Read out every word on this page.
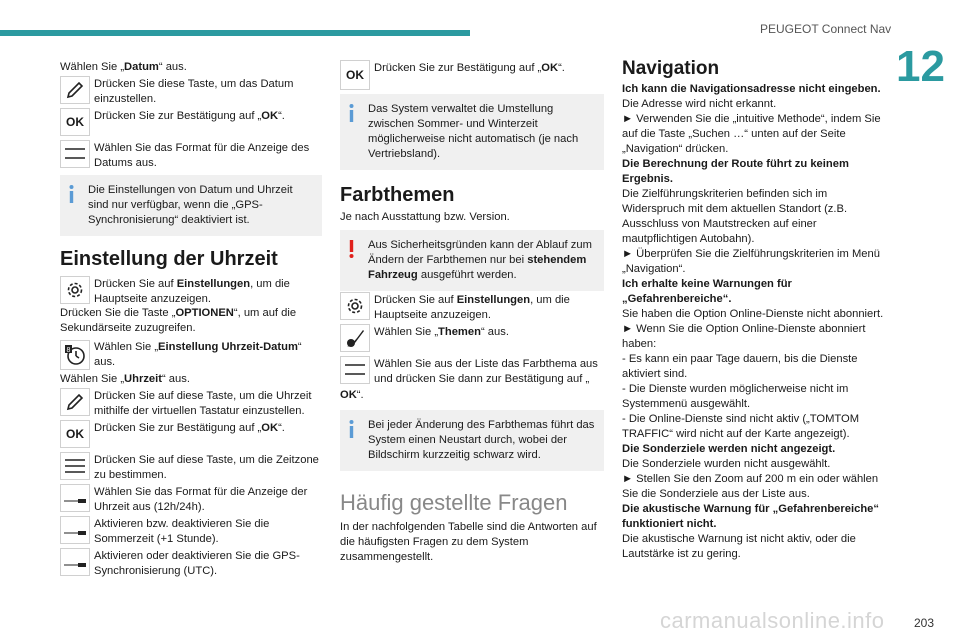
PEUGEOT Connect Nav
12

Wählen Sie „Datum“ aus.

Drücken Sie diese Taste, um das Datum einzustellen.
OK Drücken Sie zur Bestätigung auf „OK“.
Wählen Sie das Format für die Anzeige des Datums aus.
Die Einstellungen von Datum und Uhrzeit sind nur verfügbar, wenn die „GPS-Synchronisierung“ deaktiviert ist.
Einstellung der Uhrzeit
Drücken Sie auf Einstellungen, um die Hauptseite anzuzeigen.

Drücken Sie die Taste „OPTIONEN“, um auf die Sekundärseite zuzugreifen.

8 Wählen Sie „Einstellung Uhrzeit-Datum“ aus.

Wählen Sie „Uhrzeit“ aus.

Drücken Sie auf diese Taste, um die Uhrzeit mithilfe der virtuellen Tastatur einzustellen.
OK Drücken Sie zur Bestätigung auf „OK“.
Drücken Sie auf diese Taste, um die Zeitzone zu bestimmen.
Wählen Sie das Format für die Anzeige der Uhrzeit aus (12h/24h).
Aktivieren bzw. deaktivieren Sie die Sommerzeit (+1 Stunde).
Aktivieren oder deaktivieren Sie die GPS-Synchronisierung (UTC).
OK Drücken Sie zur Bestätigung auf „OK“.
Das System verwaltet die Umstellung zwischen Sommer- und Winterzeit möglicherweise nicht automatisch (je nach Vertriebsland).
Farbthemen

Je nach Ausstattung bzw. Version.

Aus Sicherheitsgründen kann der Ablauf zum Ändern der Farbthemen nur bei stehendem Fahrzeug ausgeführt werden.
Drücken Sie auf Einstellungen, um die Hauptseite anzuzeigen.
Wählen Sie „Themen“ aus.
Wählen Sie aus der Liste das Farbthema aus und drücken Sie dann zur Bestätigung auf „

OK“.

Bei jeder Änderung des Farbthemas führt das System einen Neustart durch, wobei der Bildschirm kurzzeitig schwarz wird.
Häufig gestellte Fragen

In der nachfolgenden Tabelle sind die Antworten auf die häufigsten Fragen zu dem System zusammengestellt.

Navigation

Ich kann die Navigationsadresse nicht eingeben.

Die Adresse wird nicht erkannt.

► Verwenden Sie die „intuitive Methode“, indem Sie auf die Taste „Suchen …“ unten auf der Seite „Navigation“ drücken.

Die Berechnung der Route führt zu keinem Ergebnis.

Die Zielführungskriterien befinden sich im Widerspruch mit dem aktuellen Standort (z.B. Ausschluss von Mautstrecken auf einer mautpflichtigen Autobahn).

► Überprüfen Sie die Zielführungskriterien im Menü „Navigation“.

Ich erhalte keine Warnungen für „Gefahrenbereiche“.

Sie haben die Option Online-Dienste nicht abonniert.

► Wenn Sie die Option Online-Dienste abonniert haben:

- Es kann ein paar Tage dauern, bis die Dienste aktiviert sind.

- Die Dienste wurden möglicherweise nicht im Systemmenü ausgewählt.

- Die Online-Dienste sind nicht aktiv („TOMTOM TRAFFIC“ wird nicht auf der Karte angezeigt).

Die Sonderziele werden nicht angezeigt.

Die Sonderziele wurden nicht ausgewählt.

► Stellen Sie den Zoom auf 200 m ein oder wählen Sie die Sonderziele aus der Liste aus.

Die akustische Warnung für „Gefahrenbereiche“ funktioniert nicht.

Die akustische Warnung ist nicht aktiv, oder die Lautstärke ist zu gering.

carmanualsonline.info 203
